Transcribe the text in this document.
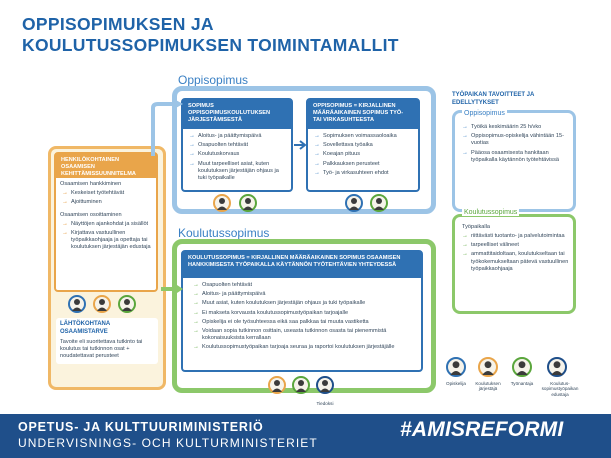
OPPISOPIMUKSEN JA
KOULUTUSSOPIMUKSEN TOIMINTAMALLIT
Oppisopimus
Koulutussopimus
SOPIMUS OPPISOPIMUSKOULUTUKSEN JÄRJESTÄMISESTÄ
→ Aloitus- ja päättymispäivä
→ Osapuolten tehtävät
→ Koulutuskorvaus
→ Muut tarpeelliset asiat, kuten koulutuksen järjestäjän ohjaus ja tuki työpaikalle
OPPISOPIMUS = KIRJALLINEN MÄÄRÄAIKAINEN SOPIMUS TYÖ- TAI VIRKASUHTEESTA
→ Sopimuksen voimassaoloaika
→ Sovellettava työaika
→ Koeajan pituus
→ Palkkauksen perusteet
→ Työ- ja virkasuhteen ehdot
KOULUTUSSOPIMUS = KIRJALLINEN MÄÄRÄAIKAINEN SOPIMUS OSAAMISEN HANKKIMISESTA TYÖPAIKALLA KÄYTÄNNÖN TYÖTEHTÄVIEN YHTEYDESSÄ
→ Osapuolten tehtävät
→ Aloitus- ja päättymispäivä
→ Muut asiat, kuten koulutuksen järjestäjän ohjaus ja tuki työpaikalle
→ Ei makseta korvausta koulutussopimustyöpaikan tarjoajalle
→ Opiskelija ei ole työsuhteessa eikä saa palkkaa tai muuta vastiketta
→ Voidaan sopia tutkinnon osittain, useasta tutkinnon osasta tai pienemmistä kokonaisuuksista kerrallaan
→ Koulutussopimustyöpaikan tarjoaja seuraa ja raportoi koulutuksen järjestäjälle
Tiedoksi
HENKILÖKOHTAINEN OSAAMISEN KEHITTÄMISSUUNNITELMA
Osaamisen hankkiminen
→ Keskeiset työtehtävät
→ Ajoittuminen
Osaamisen osoittaminen
→ Näyttöjen ajankohdat ja sisällöt
→ Kirjattava vastuullinen työpaikkaohjaaja ja opettaja tai koulutuksen järjestäjän edustaja
LÄHTÖKOHTANA OSAAMISTARVE
Tavoite eli suoritettava tutkinto tai koulutus tai tutkinnon osat + noudatettavat perusteet
TYÖPAIKAN TAVOITTEET JA EDELLYTYKSET
Oppisopimus
→ Työikä keskimäärin 25 h/vko
→ Oppisopimus-opiskelija vähintään 15-vuotias
→ Pääosa osaamisesta hankitaan työpaikalla käytännön työtehtävissä
Koulutussopimus
Työpaikalla
→ riittävästi tuotanto- ja palvelutoimintaa
→ tarpeelliset välineet
→ ammattitaidoltaan, koulutukseltaan tai työkokemukseltaan pätevä vastuullinen työpaikkaohjaaja
Opiskelija	Koulutuksen järjestäjä
Työnantaja	Koulutus-sopimustyöpaikan edustaja
OPETUS- JA KULTTUURIMINISTERIÖ
UNDERVISNINGS- OCH KULTURMINISTERIET
#AMISREFORMI
